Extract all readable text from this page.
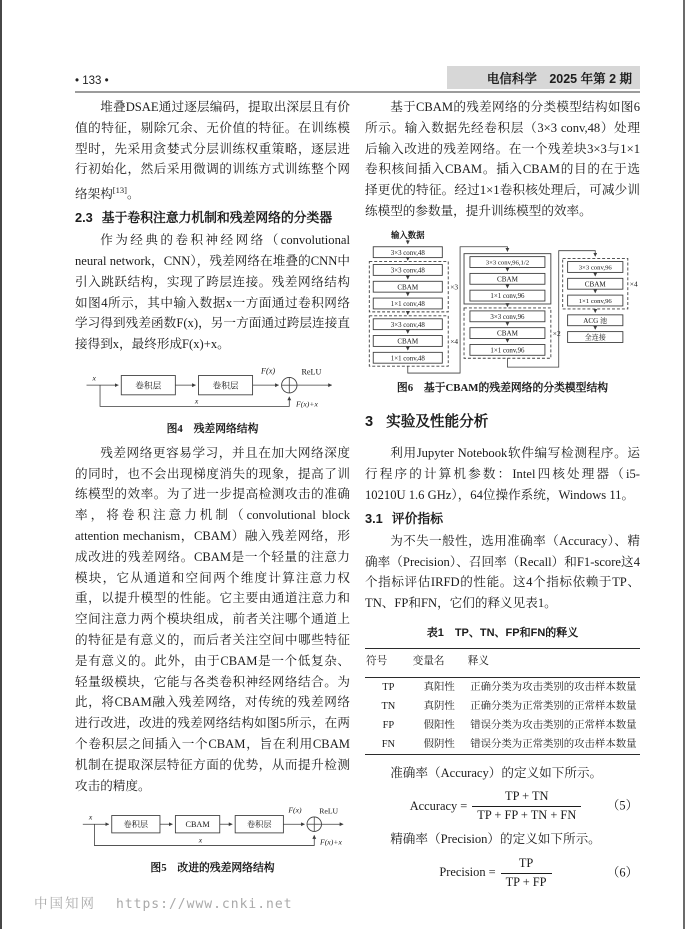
• 133 •	电信科学　2025 年第 2 期

堆叠DSAE通过逐层编码，提取出深层且有价值的特征，剔除冗余、无价值的特征。在训练模型时，先采用贪婪式分层训练权重策略，逐层进行初始化，然后采用微调的训练方式训练整个网络架构[13]。

2.3 基于卷积注意力机制和残差网络的分类器

作为经典的卷积神经网络（convolutional neural network，CNN），残差网络在堆叠的CNN中引入跳跃结构，实现了跨层连接。残差网络结构如图4所示，其中输入数据x一方面通过卷积网络学习得到残差函数F(x)，另一方面通过跨层连接直接得到x，最终形成F(x)+x。

x
卷积层	卷积层
F(x)	ReLU
x	F(x)+x
图4　残差网络结构

残差网络更容易学习，并且在加大网络深度的同时，也不会出现梯度消失的现象，提高了训练模型的效率。为了进一步提高检测攻击的准确率，将卷积注意力机制（convolutional block attention mechanism，CBAM）融入残差网络，形成改进的残差网络。CBAM是一个轻量的注意力模块，它从通道和空间两个维度计算注意力权重，以提升模型的性能。它主要由通道注意力和空间注意力两个模块组成，前者关注哪个通道上的特征是有意义的，而后者关注空间中哪些特征是有意义的。此外，由于CBAM是一个低复杂、轻量级模块，它能与各类卷积神经网络结合。为此，将CBAM融入残差网络，对传统的残差网络进行改进，改进的残差网络结构如图5所示，在两个卷积层之间插入一个CBAM，旨在利用CBAM机制在提取深层特征方面的优势，从而提升检测攻击的精度。

x
卷积层	CBAM	卷积层
F(x) ReLU
x	F(x)+x
图5　改进的残差网络结构

基于CBAM的残差网络的分类模型结构如图6所示。输入数据先经卷积层（3×3 conv,48）处理后输入改进的残差网络。在一个残差块3×3与1×1卷积核间插入CBAM。插入CBAM的目的在于选择更优的特征。经过1×1卷积核处理后，可减少训练模型的参数量，提升训练模型的效率。

输入数据
3×3 conv,48
3×3 conv,48
CBAM
1×1 conv,48
×3
3×3 conv,48
CBAM
1×1 conv,48
×4
3×3 conv,96,1/2
CBAM
1×1 conv,96
3×3 conv,96
CBAM
1×1 conv,96
×2
3×3 conv,96
CBAM
1×1 conv,96
×4
ACG 池
全连接
图6　基于CBAM的残差网络的分类模型结构
3 实验及性能分析

利用Jupyter Notebook软件编写检测程序。运行程序的计算机参数：Intel四核处理器（i5-10210U 1.6 GHz），64位操作系统，Windows 11。

3.1 评价指标

为不失一般性，选用准确率（Accuracy）、精确率（Precision）、召回率（Recall）和F1-score这4个指标评估IRFD的性能。这4个指标依赖于TP、TN、FP和FN，它们的释义见表1。

表1　TP、TN、FP和FN的释义
符号	变量名	释义
TP	真阳性	正确分类为攻击类别的攻击样本数量
TN	真阴性	正确分类为正常类别的正常样本数量
FP	假阳性	错误分类为攻击类别的正常样本数量
FN	假阴性	错误分类为正常类别的攻击样本数量

准确率（Accuracy）的定义如下所示。

Accuracy = $\frac{TP + TN}{TP + FP + TN + FN} (5)$

精确率（Precision）的定义如下所示。

Precision = $\frac{TP}{TP + FP}$	（6）
中国知网 https://www.cnki.net
